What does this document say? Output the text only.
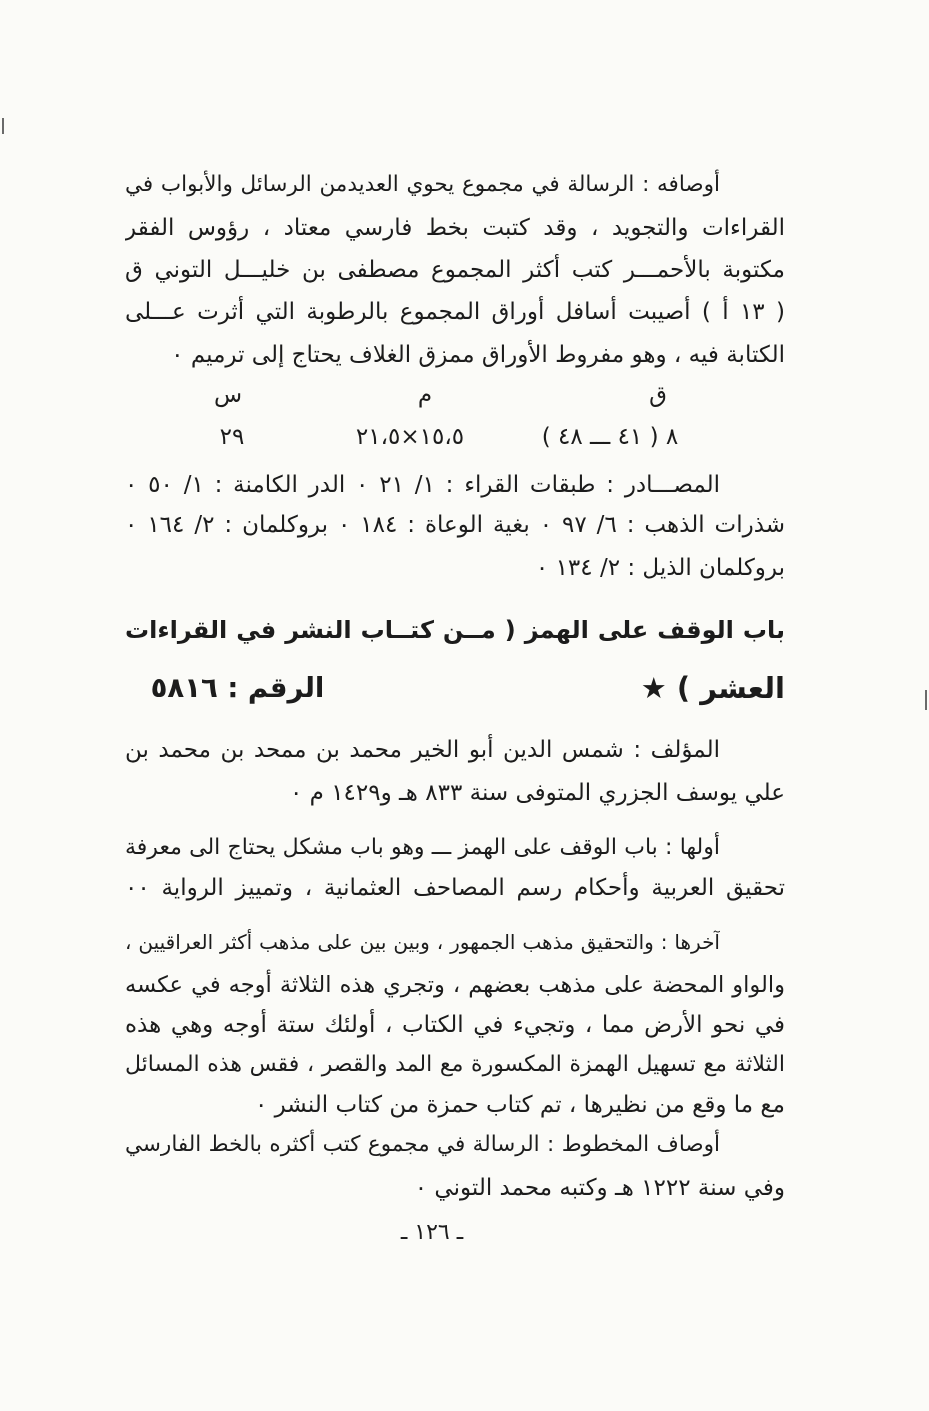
أوصافه : الرسالة في مجموع يحوي العديدمن الرسائل والأبواب في
القراءات والتجويد ، وقد كتبت بخط فارسي معتاد ، رؤوس الفقر
مكتوبة بالأحمـــر كتب أكثر المجموع مصطفى بن خليـــل التوني ق
( ١٣ أ ) أصيبت أسافل أوراق المجموع بالرطوبة التي أثرت عـــلى
الكتابة فيه ، وهو مفروط الأوراق ممزق الغلاف يحتاج إلى ترميم ٠
ق
م
س
٨ ( ٤١ ـــ ٤٨ )
١٥،٥×٢١،٥
٢٩
المصـــادر : طبقات القراء : ١/ ٢١ ٠ الدر الكامنة : ١/ ٥٠ ٠
شذرات الذهب : ٦/ ٩٧ ٠ بغية الوعاة : ١٨٤ ٠ بروكلمان : ٢/ ١٦٤ ٠
بروكلمان الذيل : ٢/ ١٣٤ ٠
باب الوقف على الهمز ( مــن كتــاب النشر في القراءات
العشر ) ★
الرقم : ٥٨١٦
المؤلف : شمس الدين أبو الخير محمد بن ممحد بن محمد بن
علي يوسف الجزري المتوفى سنة ٨٣٣ هـ و١٤٢٩ م ٠
أولها : باب الوقف على الهمز ـــ وهو باب مشكل يحتاج الى معرفة
تحقيق العربية وأحكام رسم المصاحف العثمانية ، وتمييز الرواية ٠٠
آخرها : والتحقيق مذهب الجمهور ، وبين بين على مذهب أكثر العراقيين ،
والواو المحضة على مذهب بعضهم ، وتجري هذه الثلاثة أوجه في عكسه
في نحو الأرض مما ، وتجيء في الكتاب ، أولئك ستة أوجه وهي هذه
الثلاثة مع تسهيل الهمزة المكسورة مع المد والقصر ، فقس هذه المسائل
مع ما وقع من نظيرها ، تم كتاب حمزة من كتاب النشر ٠
أوصاف المخطوط : الرسالة في مجموع كتب أكثره بالخط الفارسي
وفي سنة ١٢٢٢ هـ وكتبه محمد التوني ٠
ـ ١٢٦ ـ
